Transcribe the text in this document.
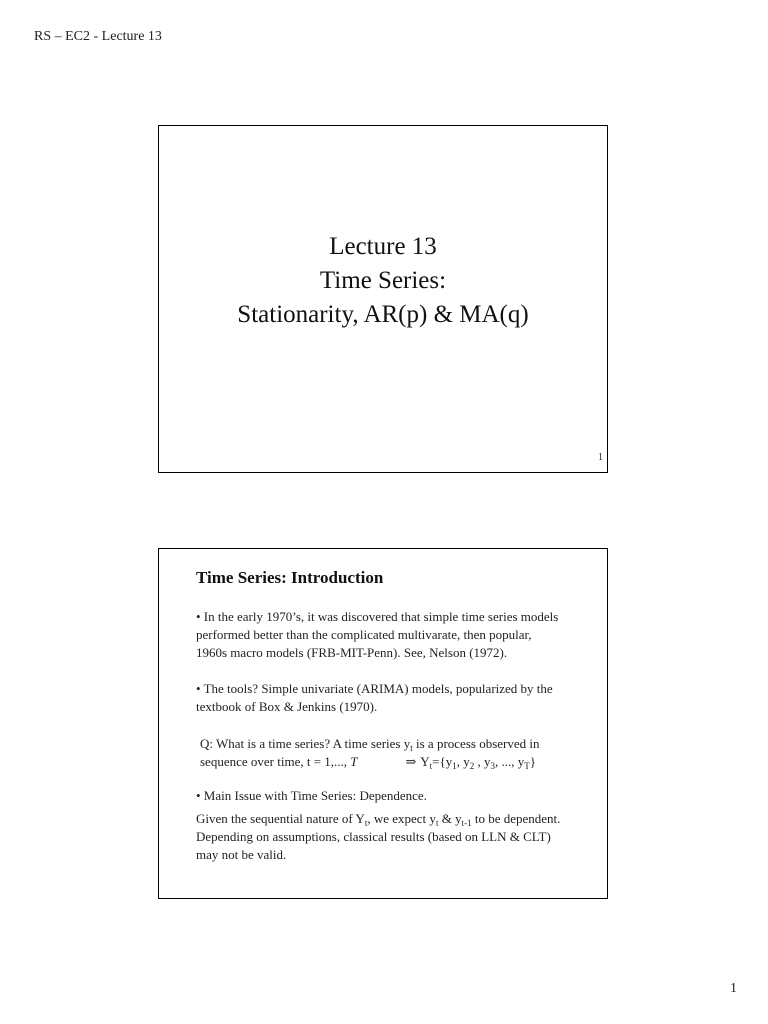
RS – EC2 - Lecture 13
Lecture 13
Time Series:
Stationarity, AR(p) & MA(q)
1
Time Series: Introduction

• In the early 1970’s, it was discovered that simple time series models
performed better than the complicated multivarate, then popular,
1960s macro models (FRB-MIT-Penn). See, Nelson (1972).

• The tools? Simple univariate (ARIMA) models, popularized by the
textbook of Box & Jenkins (1970).

Q: What is a time series? A time series $y_t$ is a process observed in
sequence over time, t = 1,..., T	⇒ $Y_t=\{y_1$, $y_2$ , $y_3$, ..., $y_T$}

• Main Issue with Time Series: Dependence.

Given the sequential nature of $Y_t$, we expect $y_t$ & $y_{t-1}$ to be dependent.
Depending on assumptions, classical results (based on LLN & CLT)
may not be valid.

1
